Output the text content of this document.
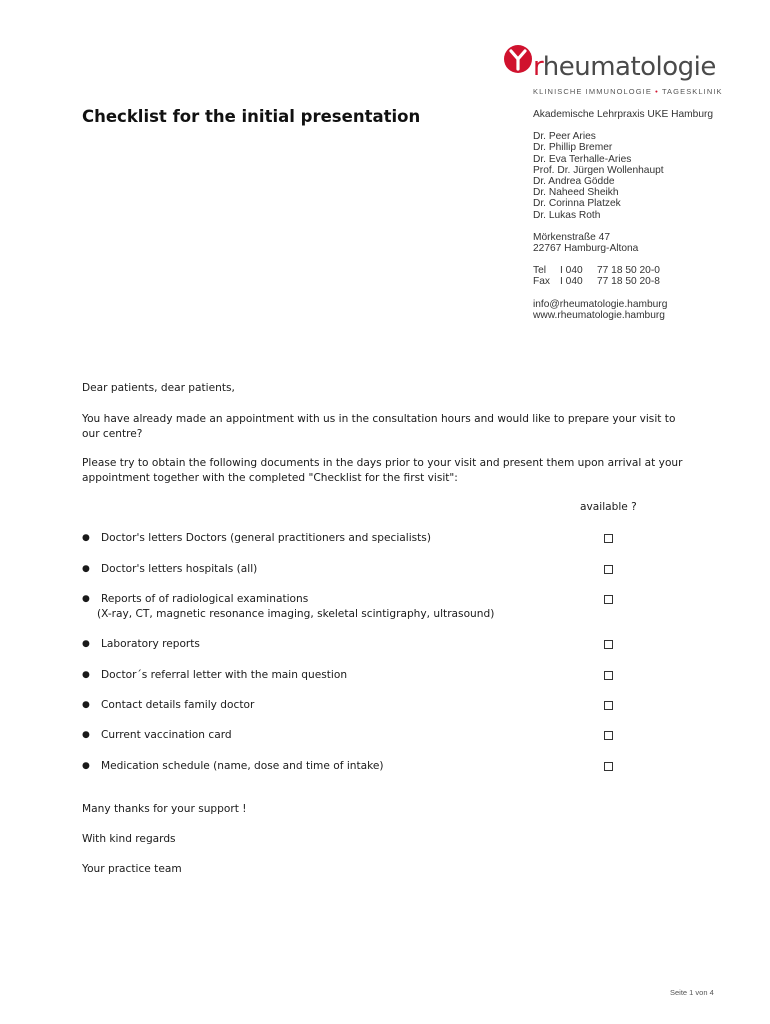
rheumatologie
KLINISCHE IMMUNOLOGIE • TAGESKLINIK
Checklist for the initial presentation	Akademische Lehrpraxis UKE Hamburg
Dr. Peer Aries
Dr. Phillip Bremer
Dr. Eva Terhalle-Aries
Prof. Dr. Jürgen Wollenhaupt
Dr. Andrea Gödde
Dr. Naheed Sheikh
Dr. Corinna Platzek
Dr. Lukas Roth
Mörkenstraße 47
22767 Hamburg-Altona
Tel	I 040	77 18 50 20-0
Fax I 040	77 18 50 20-8
info@rheumatologie.hamburg
www.rheumatologie.hamburg
Dear patients, dear patients,
You have already made an appointment with us in the consultation hours and would like to prepare your visit to our centre?
Please try to obtain the following documents in the days prior to your visit and present them upon arrival at your appointment together with the completed "Checklist for the first visit":
available ?
●	Doctor's letters Doctors (general practitioners and specialists)
●	Doctor's letters hospitals (all)
●	Reports of of radiological examinations
(X-ray, CT, magnetic resonance imaging, skeletal scintigraphy, ultrasound)
●	Laboratory reports
●	Doctor´s referral letter with the main question
●	Contact details family doctor
●	Current vaccination card
●	Medication schedule (name, dose and time of intake)
Many thanks for your support !
With kind regards
Your practice team
Seite 1 von 4
